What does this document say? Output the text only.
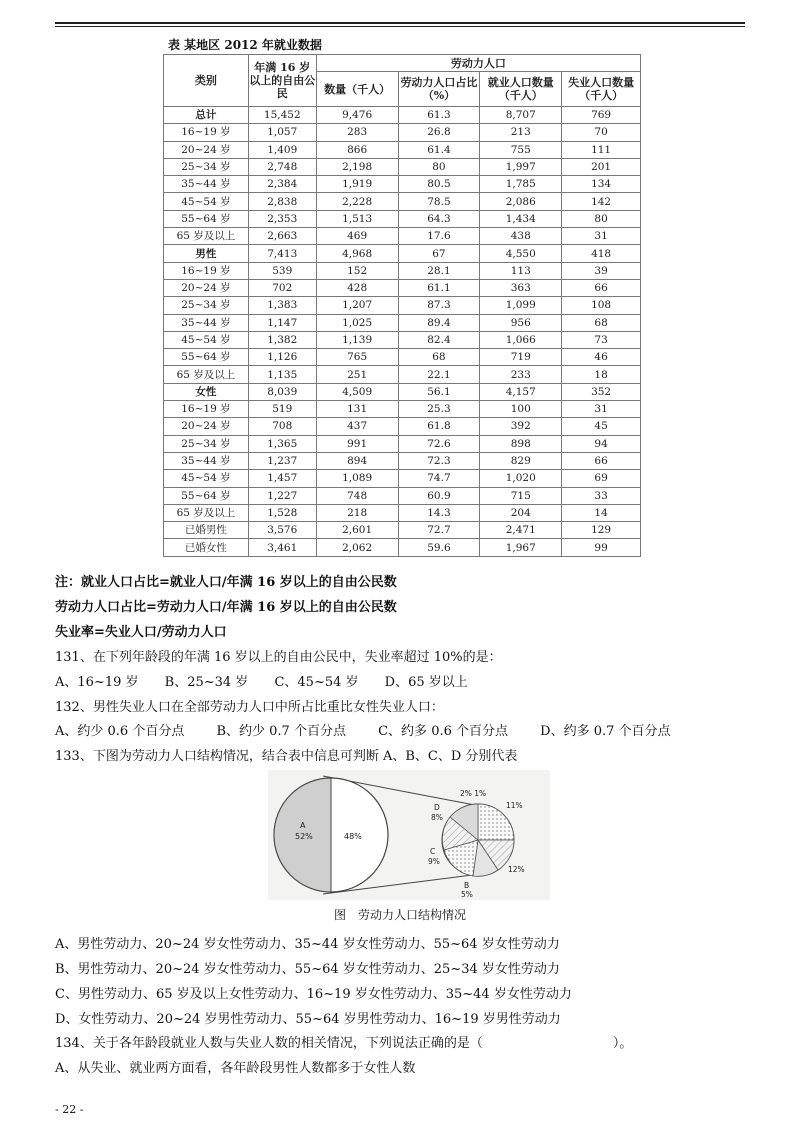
表 某地区 2012 年就业数据
类别	年满 16 岁以上的自由公民	劳动力人口			
		数量（千人）	劳动力人口占比（%）	就业人口数量（千人）	失业人口数量（千人）
总计	15,452	9,476	61.3	8,707	769
16~19 岁	1,057	283	26.8	213	70
20~24 岁	1,409	866	61.4	755	111
25~34 岁	2,748	2,198	80	1,997	201
35~44 岁	2,384	1,919	80.5	1,785	134
45~54 岁	2,838	2,228	78.5	2,086	142
55~64 岁	2,353	1,513	64.3	1,434	80
65 岁及以上	2,663	469	17.6	438	31
男性	7,413	4,968	67	4,550	418
16~19 岁	539	152	28.1	113	39
20~24 岁	702	428	61.1	363	66
25~34 岁	1,383	1,207	87.3	1,099	108
35~44 岁	1,147	1,025	89.4	956	68
45~54 岁	1,382	1,139	82.4	1,066	73
55~64 岁	1,126	765	68	719	46
65 岁及以上	1,135	251	22.1	233	18
女性	8,039	4,509	56.1	4,157	352
16~19 岁	519	131	25.3	100	31
20~24 岁	708	437	61.8	392	45
25~34 岁	1,365	991	72.6	898	94
35~44 岁	1,237	894	72.3	829	66
45~54 岁	1,457	1,089	74.7	1,020	69
55~64 岁	1,227	748	60.9	715	33
65 岁及以上	1,528	218	14.3	204	14
已婚男性	3,576	2,601	72.7	2,471	129
已婚女性	3,461	2,062	59.6	1,967	99
注：就业人口占比=就业人口/年满 16 岁以上的自由公民数
劳动力人口占比=劳动力人口/年满 16 岁以上的自由公民数
失业率=失业人口/劳动力人口
131、在下列年龄段的年满 16 岁以上的自由公民中，失业率超过 10%的是：
A、16~19 岁 B、25~34 岁 C、45~54 岁 D、65 岁以上
132、男性失业人口在全部劳动力人口中所占比重比女性失业人口：
A、约少 0.6 个百分点 B、约少 0.7 个百分点 C、约多 0.6 个百分点 D、约多 0.7 个百分点
133、下图为劳动力人口结构情况，结合表中信息可判断 A、B、C、D 分别代表
A
52%	48%
D
8%
2% 1%
11%
C
9%
12%
B
5%
图　劳动力人口结构情况
A、男性劳动力、20~24 岁女性劳动力、35~44 岁女性劳动力、55~64 岁女性劳动力
B、男性劳动力、20~24 岁女性劳动力、55~64 岁女性劳动力、25~34 岁女性劳动力
C、男性劳动力、65 岁及以上女性劳动力、16~19 岁女性劳动力、35~44 岁女性劳动力
D、女性劳动力、20~24 岁男性劳动力、55~64 岁男性劳动力、16~19 岁男性劳动力
134、关于各年龄段就业人数与失业人数的相关情况，下列说法正确的是（　　　　　　　　　　）。
A、从失业、就业两方面看，各年龄段男性人数都多于女性人数
- 22 -
